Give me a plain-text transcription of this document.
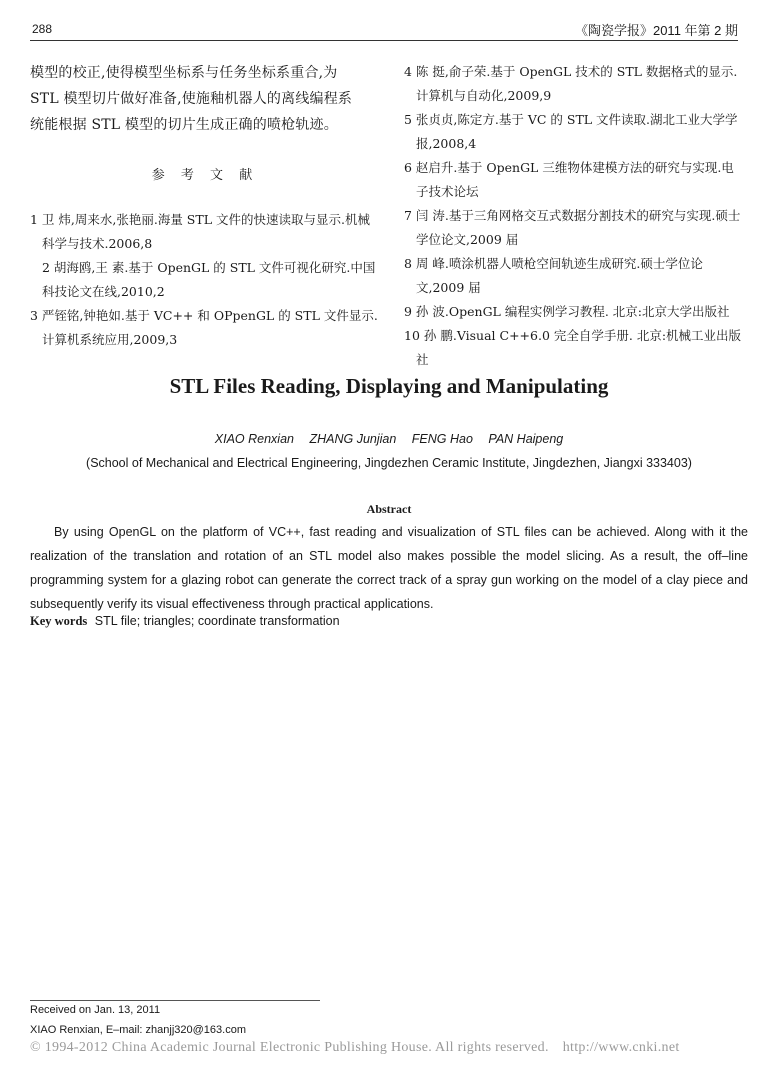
288	《陶瓷学报》2011 年第 2 期
模型的校正,使得模型坐标系与任务坐标系重合,为
STL 模型切片做好准备,使施釉机器人的离线编程系
统能根据 STL 模型的切片生成正确的喷枪轨迹。
参 考 文 献
1 卫 炜,周来水,张艳丽.海量 STL 文件的快速读取与显示.机械科学与技术.2006,8
2 胡海鸥,王 素.基于 OpenGL 的 STL 文件可视化研究.中国科技论文在线,2010,2
3 严铚铭,钟艳如.基于 VC++ 和 OPpenGL 的 STL 文件显示.计算机系统应用,2009,3
4 陈 挺,俞子荣.基于 OpenGL 技术的 STL 数据格式的显示.计算机与自动化,2009,9
5 张贞贞,陈定方.基于 VC 的 STL 文件读取.湖北工业大学学报,2008,4
6 赵启升.基于 OpenGL 三维物体建模方法的研究与实现.电子技术论坛
7 闫 涛.基于三角网格交互式数据分割技术的研究与实现.硕士学位论文,2009 届
8 周 峰.喷涂机器人喷枪空间轨迹生成研究.硕士学位论文,2009 届
9 孙 波.OpenGL 编程实例学习教程. 北京:北京大学出版社
10 孙 鹏.Visual C++6.0 完全自学手册. 北京:机械工业出版社
STL Files Reading, Displaying and Manipulating
XIAO Renxian ZHANG Junjian FENG Hao PAN Haipeng
(School of Mechanical and Electrical Engineering, Jingdezhen Ceramic Institute, Jingdezhen, Jiangxi 333403)
Abstract
By using OpenGL on the platform of VC++, fast reading and visualization of STL files can be achieved. Along with it the realization of the translation and rotation of an STL model also makes possible the model slicing. As a result, the off–line programming system for a glazing robot can generate the correct track of a spray gun working on the model of a clay piece and subsequently verify its visual effectiveness through practical applications.
Key words STL file; triangles; coordinate transformation
Received on Jan. 13, 2011
XIAO Renxian, E–mail: zhanjj320@163.com
© 1994-2012 China Academic Journal Electronic Publishing House. All rights reserved. http://www.cnki.net
